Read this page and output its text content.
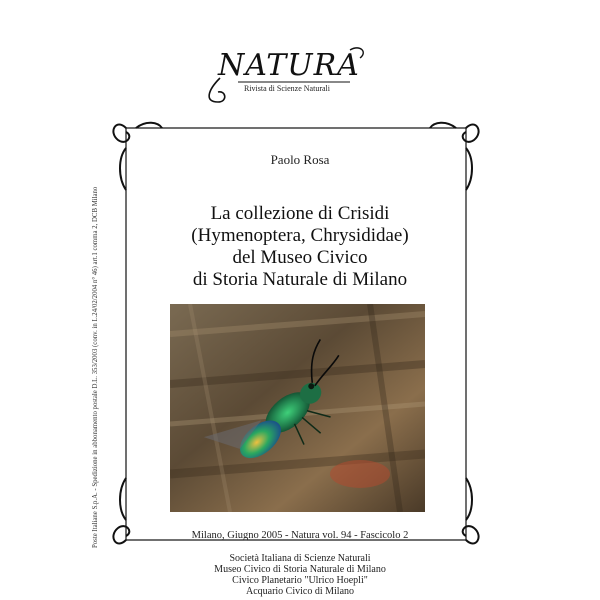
NATURA
Rivista di Scienze Naturali
Poste Italiane S.p.A. - Spedizione in abbonamento postale D.L. 353/2003 (conv. in L.24/02/2004 n° 46) art.1 comma 2, DCB Milano
Paolo Rosa
La collezione di Crisidi
(Hymenoptera, Chrysididae)
del Museo Civico
di Storia Naturale di Milano
Milano, Giugno 2005 - Natura vol. 94 - Fascicolo 2
Società Italiana di Scienze Naturali
Museo Civico di Storia Naturale di Milano
Civico Planetario "Ulrico Hoepli"
Acquario Civico di Milano
